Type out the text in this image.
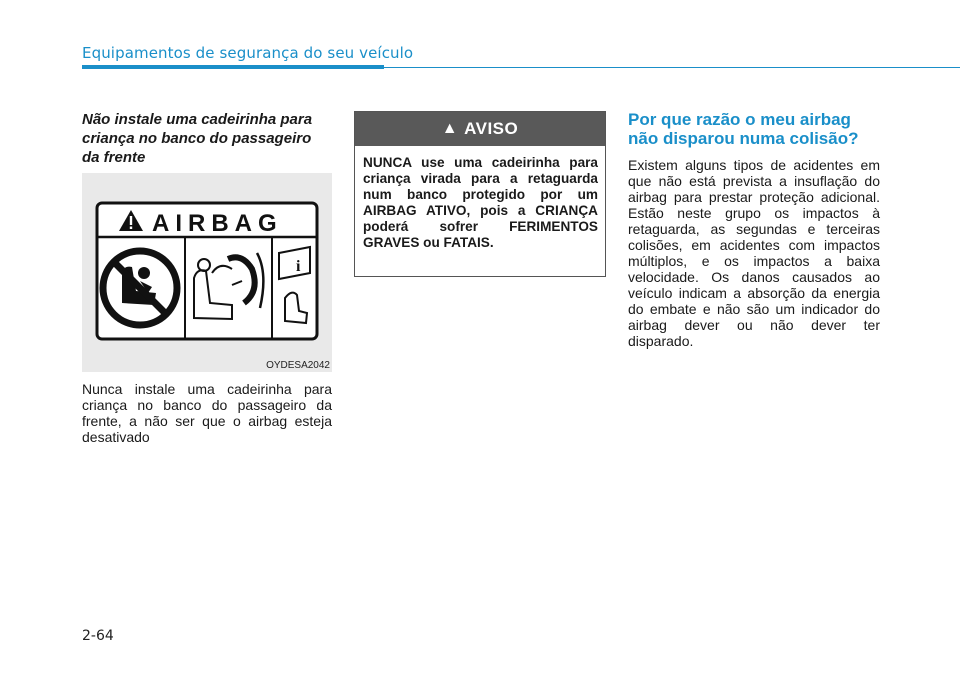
Equipamentos de segurança do seu veículo
Não instale uma cadeirinha para criança no banco do passageiro da frente
AIRBAG
i
OYDESA2042

Nunca instale uma cadeirinha para criança no banco do passageiro da frente, a não ser que o airbag esteja desativado

▲ AVISO
NUNCA use uma cadeirinha para criança virada para a retaguarda num banco protegido por um AIRBAG ATIVO, pois a CRIANÇA poderá sofrer FERIMENTOS GRAVES ou FATAIS.
Por que razão o meu airbag não disparou numa colisão?

Existem alguns tipos de acidentes em que não está prevista a insuflação do airbag para prestar proteção adicional. Estão neste grupo os impactos à retaguarda, as segundas e terceiras colisões, em acidentes com impactos múltiplos, e os impactos a baixa velocidade. Os danos causados ao veículo indicam a absorção da energia do embate e não são um indicador do airbag dever ou não dever ter disparado.

2-64
